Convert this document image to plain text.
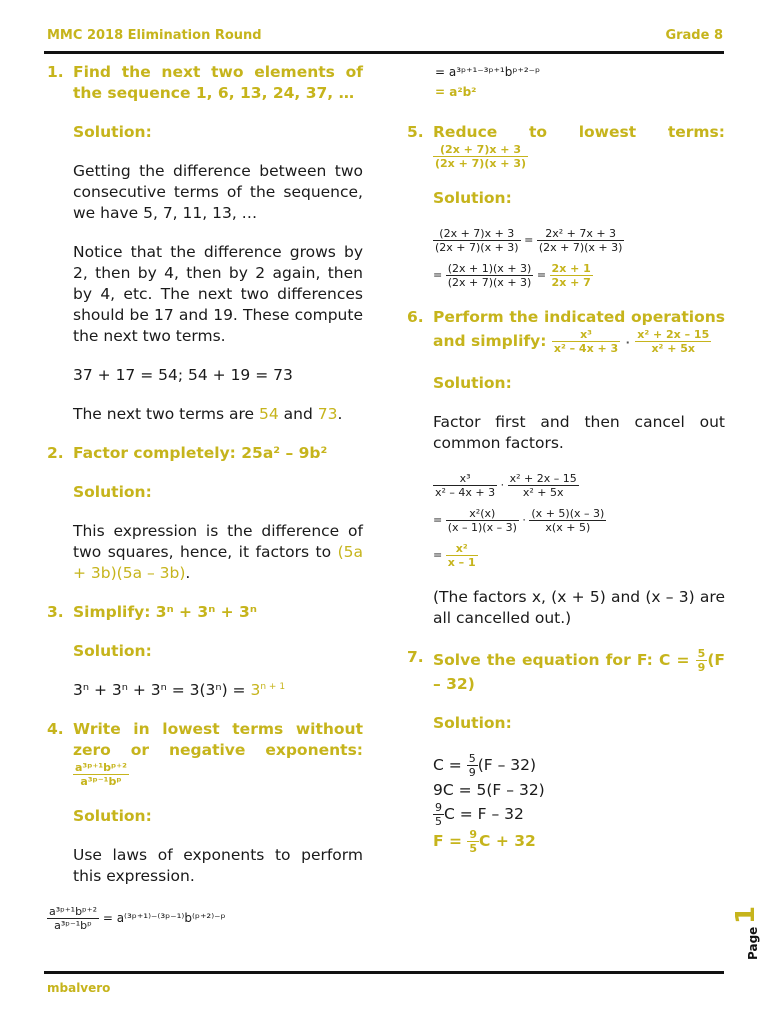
MMC 2018 Elimination Round	Grade 8
1. Find the next two elements of the sequence 1, 6, 13, 24, 37, …
Solution:

Getting the difference between two consecutive terms of the sequence, we have 5, 7, 11, 13, …

Notice that the difference grows by 2, then by 4, then by 2 again, then by 4, etc. The next two differences should be 17 and 19. These compute the next two terms.

37 + 17 = 54; 54 + 19 = 73

The next two terms are 54 and 73.

2. Factor completely: 25a² – 9b²
Solution:

This expression is the difference of two squares, hence, it factors to (5a + 3b)(5a – 3b).

3. Simplify: 3ⁿ + 3ⁿ + 3ⁿ
Solution:

$3^n + 3^n + 3^n = 3(3^n) = 3^{n + 1}$

4. Write in lowest terms without zero or negative exponents:
$\frac{\text{a³ᵖ⁺¹bᵖ⁺²}}{\text{a³ᵖ⁻¹bᵖ}}$
Solution:

Use laws of exponents to perform this expression.

$\frac{\text{a³ᵖ⁺¹bᵖ⁺²}}{\text{a³ᵖ⁻¹bᵖ}}$ = a⁽³ᵖ⁺¹⁾⁻⁽³ᵖ⁻¹⁾b⁽ᵖ⁺²⁾⁻ᵖ
= a³ᵖ⁺¹⁻³ᵖ⁺¹bᵖ⁺²⁻ᵖ
= a²b²
5. Reduce to lowest terms:
$\frac{(2x + 7)x + 3}{(2x + 7)(x + 3)}$
Solution:
$\frac{(2x + 7)x + 3}{(2x + 7)(x + 3)} = \frac{\text{2x² + 7x + 3}}{(2x + 7)(x + 3)}$
= $\frac{(2x + 1)(x + 3)}{(2x + 7)(x + 3)} = \frac{2x + 1}{2x + 7}$
6. Perform the indicated operations and simplify: $\frac{\text{x³}}{\text{x² – 4x + 3}} \cdot \frac{\text{x² + 2x – 15}}{\text{x² + 5x}}$
Solution:

Factor first and then cancel out common factors.

$\frac{\text{x³}}{\text{x² – 4x + 3}} \cdot \frac{\text{x² + 2x – 15}}{\text{x² + 5x}}$
= $\frac{\text{x²(x)}}{(x - 1)(x - 3)} \cdot \frac{(x + 5)(x - 3)}{x(x + 5)}$
= $\frac{\text{x²}}{x - 1}$

(The factors x, (x + 5) and (x – 3) are all cancelled out.)

7. Solve the equation for F: $C = \frac{5}{9} (F - 32)$
Solution:
$C = \frac{5}{9} (F - 32)$
9C = 5(F – 32)
$\frac{9}{5}$ C = F – 32
$F = \frac{9}{5}$ C + 32
1
Page
mbalvero
